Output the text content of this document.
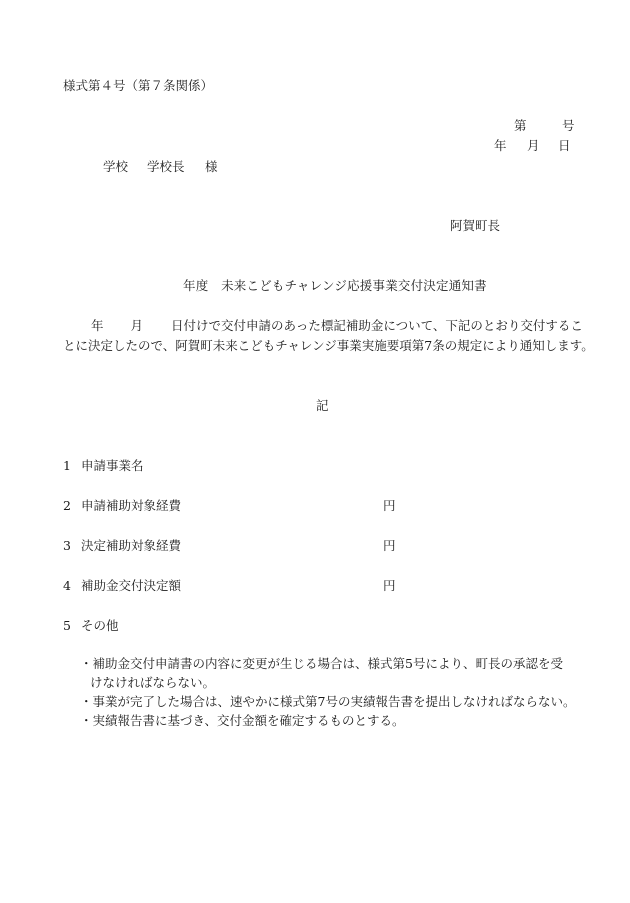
様式第４号（第７条関係）
第	号
年 月 日
学校 学校長 様
阿賀町長
年度　未来こどもチャレンジ応援事業交付決定通知書
年 月 日付けで交付申請のあった標記補助金について、下記のとおり交付するこ
とに決定したので、阿賀町未来こどもチャレンジ事業実施要項第7条の規定により通知します。
記
1 申請事業名
2 申請補助対象経費
3 決定補助対象経費
4 補助金交付決定額
5 その他
円
円
円
・補助金交付申請書の内容に変更が生じる場合は、様式第5号により、町長の承認を受
けなければならない。
・事業が完了した場合は、速やかに様式第7号の実績報告書を提出しなければならない。
・実績報告書に基づき、交付金額を確定するものとする。
